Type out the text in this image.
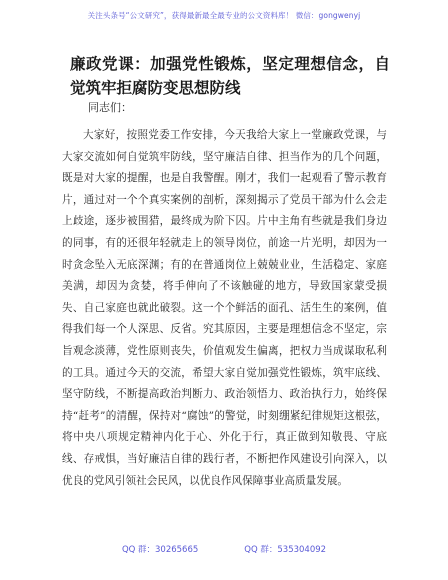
关注头条号“公文研究”，获得最新最全最专业的公文资料库！ 微信：gongwenyj
廉政党课：加强党性锻炼，坚定理想信念，自觉筑牢拒腐防变思想防线
同志们：

大家好，按照党委工作安排，今天我给大家上一堂廉政党课，与大家交流如何自觉筑牢防线，坚守廉洁自律、担当作为的几个问题，既是对大家的提醒，也是自我警醒。刚才，我们一起观看了警示教育片，通过对一个个真实案例的剖析，深刻揭示了党员干部为什么会走上歧途，逐步被围猎，最终成为阶下囚。片中主角有些就是我们身边的同事，有的还很年轻就走上的领导岗位，前途一片光明，却因为一时贪念坠入无底深渊；有的在普通岗位上兢兢业业，生活稳定、家庭美满，却因为贪婪，将手伸向了不该触碰的地方，导致国家蒙受损失、自己家庭也就此破裂。这一个个鲜活的面孔、活生生的案例，值得我们每一个人深思、反省。究其原因，主要是理想信念不坚定，宗旨观念淡薄，党性原则丧失，价值观发生偏离，把权力当成谋取私利的工具。通过今天的交流，希望大家自觉加强党性锻炼，筑牢底线、坚守防线，不断提高政治判断力、政治领悟力、政治执行力，始终保持“赶考”的清醒，保持对“腐蚀”的警觉，时刻绷紧纪律规矩这根弦，将中央八项规定精神内化于心、外化于行，真正做到知敬畏、守底线、存戒惧，当好廉洁自律的践行者，不断把作风建设引向深入，以优良的党风引领社会民风，以优良作风保障事业高质量发展。

QQ 群：30265665	QQ 群：535304092
